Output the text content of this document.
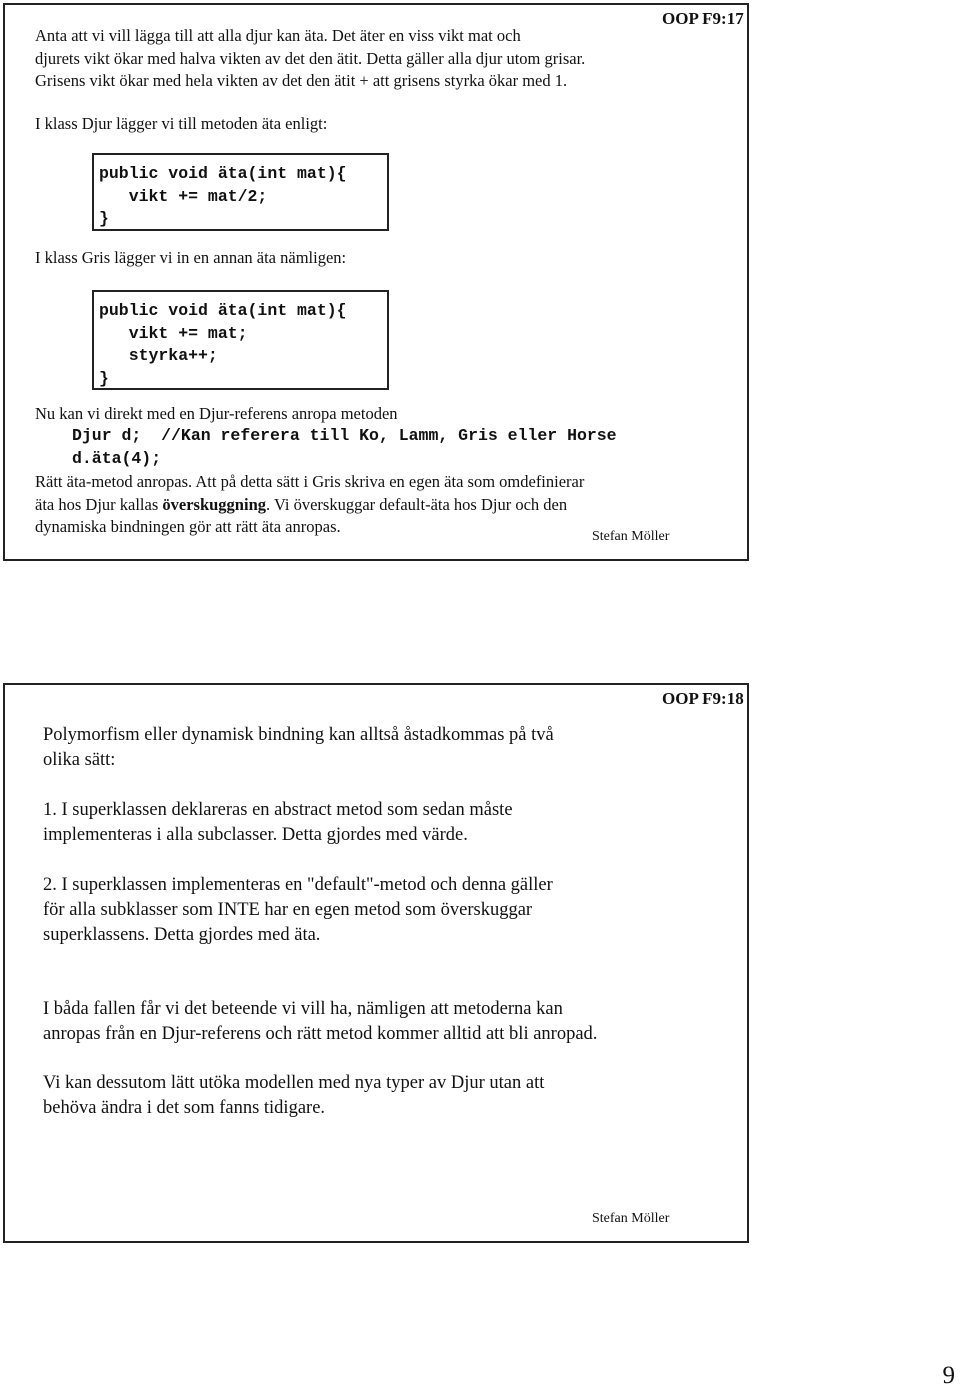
OOP F9:17
Anta att vi vill lägga till att alla djur kan äta. Det äter en viss vikt mat och
djurets vikt ökar med halva vikten av det den ätit. Detta gäller alla djur utom grisar.
Grisens vikt ökar med hela vikten av det den ätit + att grisens styrka ökar med 1.
I klass Djur lägger vi till metoden äta enligt:
public void äta(int mat){
vikt += mat/2;
}
I klass Gris lägger vi in en annan äta nämligen:
public void äta(int mat){
vikt += mat;
styrka++;
}
Nu kan vi direkt med en Djur-referens anropa metoden
Djur d;  //Kan referera till Ko, Lamm, Gris eller Horse
d.äta(4);
Rätt äta-metod anropas. Att på detta sätt i Gris skriva en egen äta som omdefinierar
äta hos Djur kallas överskuggning. Vi överskuggar default-äta hos Djur och den
dynamiska bindningen gör att rätt äta anropas.
Stefan Möller
OOP F9:18
Polymorfism eller dynamisk bindning kan alltså åstadkommas på två
olika sätt:
1. I superklassen deklareras en abstract metod som sedan måste
implementeras i alla subclasser. Detta gjordes med värde.
2. I superklassen implementeras en "default"-metod och denna gäller
för alla subklasser som INTE har en egen metod som överskuggar
superklassens. Detta gjordes med äta.
I båda fallen får vi det beteende vi vill ha, nämligen att metoderna kan
anropas från en Djur-referens och rätt metod kommer alltid att bli anropad.
Vi kan dessutom lätt utöka modellen med nya typer av Djur utan att
behöva ändra i det som fanns tidigare.
Stefan Möller
9
